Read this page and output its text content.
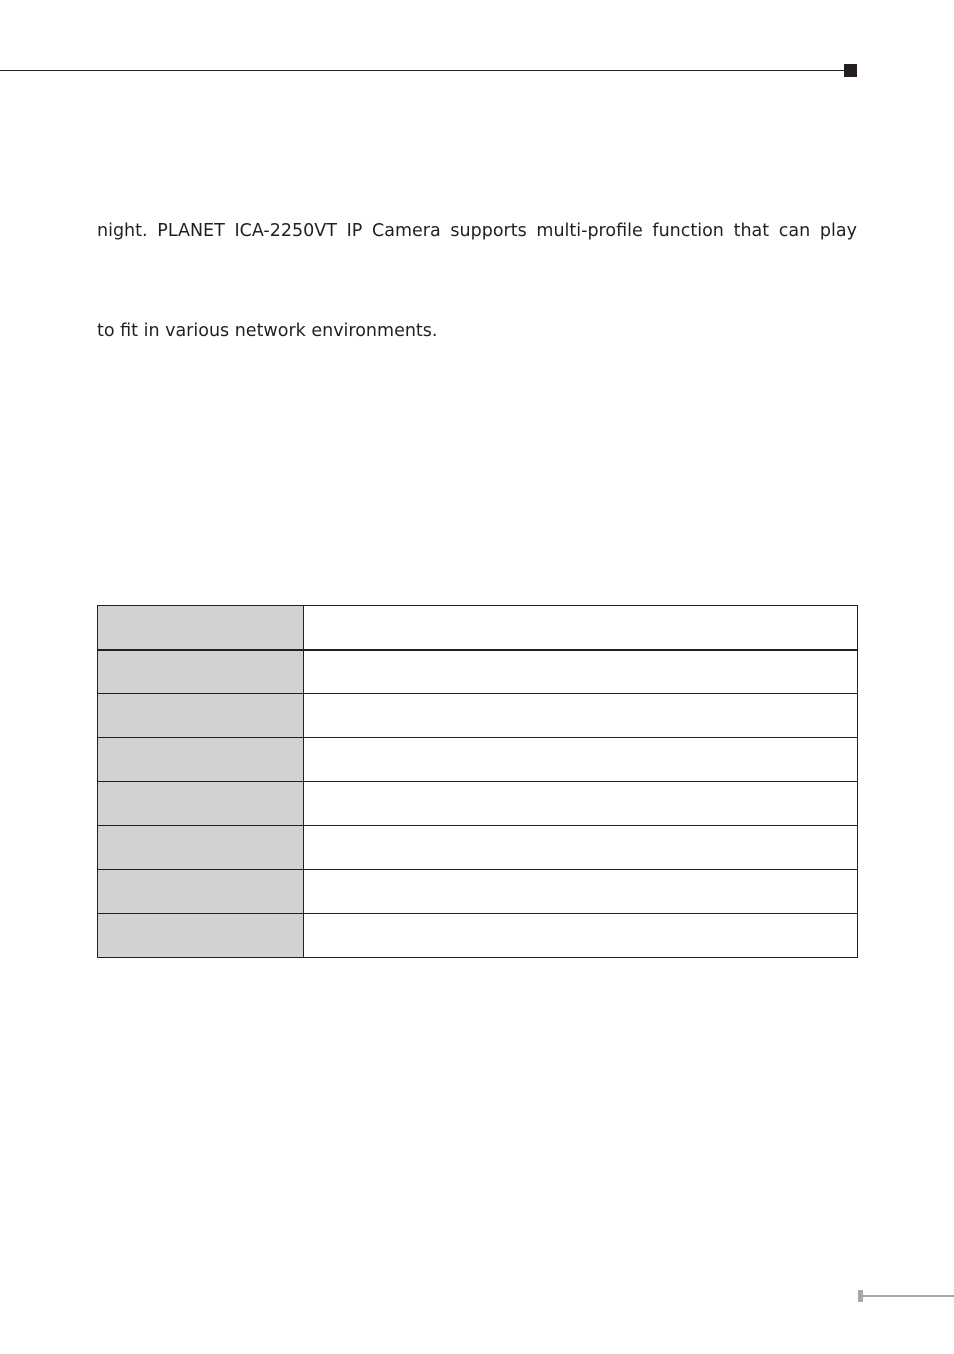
night. PLANET ICA-2250VT IP Camera supports multi-profile function that can play

to fit in various network environments.
